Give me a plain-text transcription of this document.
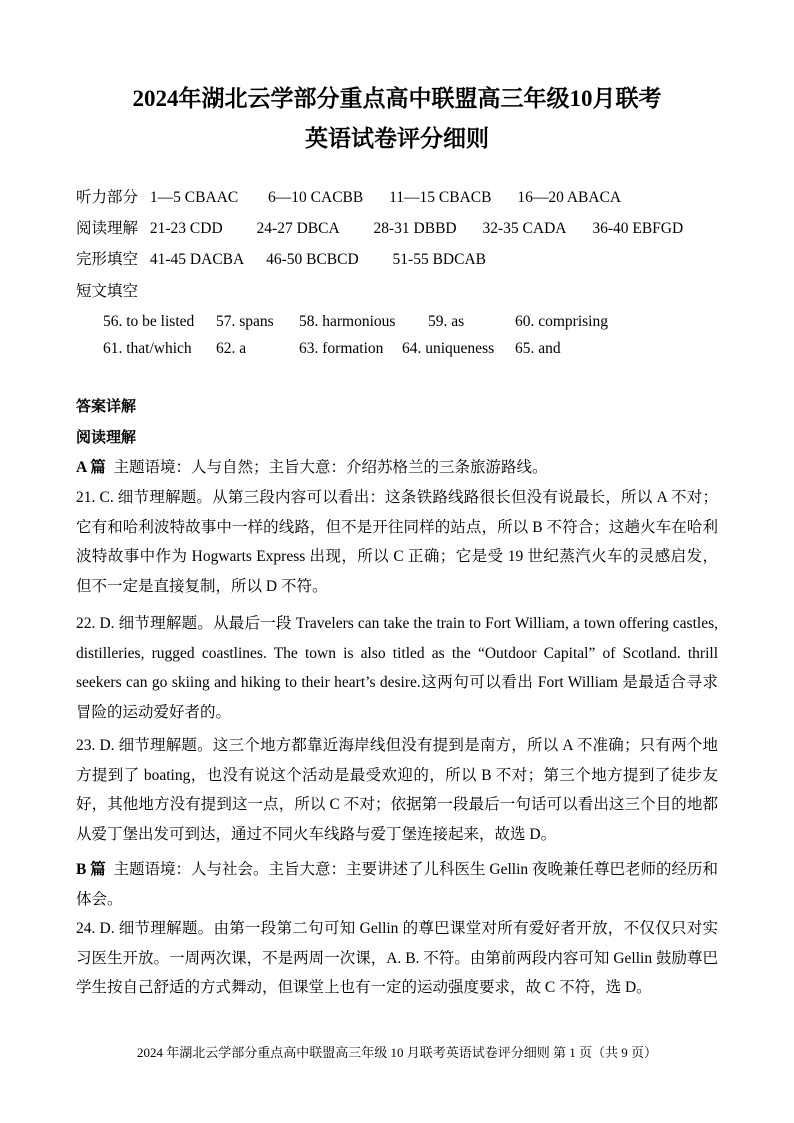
2024年湖北云学部分重点高中联盟高三年级10月联考
英语试卷评分细则

听力部分 1—5 CBAAC 6—10 CACBB 11—15 CBACB 16—20 ABACA

阅读理解 21-23 CDD 24-27 DBCA 28-31 DBBD 32-35 CADA 36-40 EBFGD

完形填空 41-45 DACBA 46-50 BCBCD 51-55 BDCAB

短文填空

56. to be listed 57. spans 58. harmonious 59. as	60. comprising
61. that/which 62. a	63. formation 64. uniqueness 65. and

答案详解

阅读理解

A 篇 主题语境：人与自然；主旨大意：介绍苏格兰的三条旅游路线。

21. C. 细节理解题。从第三段内容可以看出：这条铁路线路很长但没有说最长，所以 A 不对；它有和哈利波特故事中一样的线路，但不是开往同样的站点，所以 B 不符合；这趟火车在哈利波特故事中作为 Hogwarts Express 出现，所以 C 正确；它是受 19 世纪蒸汽火车的灵感启发，但不一定是直接复制，所以 D 不符。

22. D. 细节理解题。从最后一段 Travelers can take the train to Fort William, a town offering castles, distilleries, rugged coastlines. The town is also titled as the “Outdoor Capital” of Scotland. thrill seekers can go skiing and hiking to their heart’s desire.这两句可以看出 Fort William 是最适合寻求冒险的运动爱好者的。

23. D. 细节理解题。这三个地方都靠近海岸线但没有提到是南方，所以 A 不准确；只有两个地方提到了 boating，也没有说这个活动是最受欢迎的，所以 B 不对；第三个地方提到了徒步友好，其他地方没有提到这一点，所以 C 不对；依据第一段最后一句话可以看出这三个目的地都从爱丁堡出发可到达，通过不同火车线路与爱丁堡连接起来，故选 D。

B 篇 主题语境：人与社会。主旨大意：主要讲述了儿科医生 Gellin 夜晚兼任尊巴老师的经历和体会。

24. D. 细节理解题。由第一段第二句可知 Gellin 的尊巴课堂对所有爱好者开放，不仅仅只对实习医生开放。一周两次课，不是两周一次课，A. B. 不符。由第前两段内容可知 Gellin 鼓励尊巴学生按自己舒适的方式舞动，但课堂上也有一定的运动强度要求，故 C 不符，选 D。

2024 年湖北云学部分重点高中联盟高三年级 10 月联考英语试卷评分细则 第 1 页（共 9 页）
